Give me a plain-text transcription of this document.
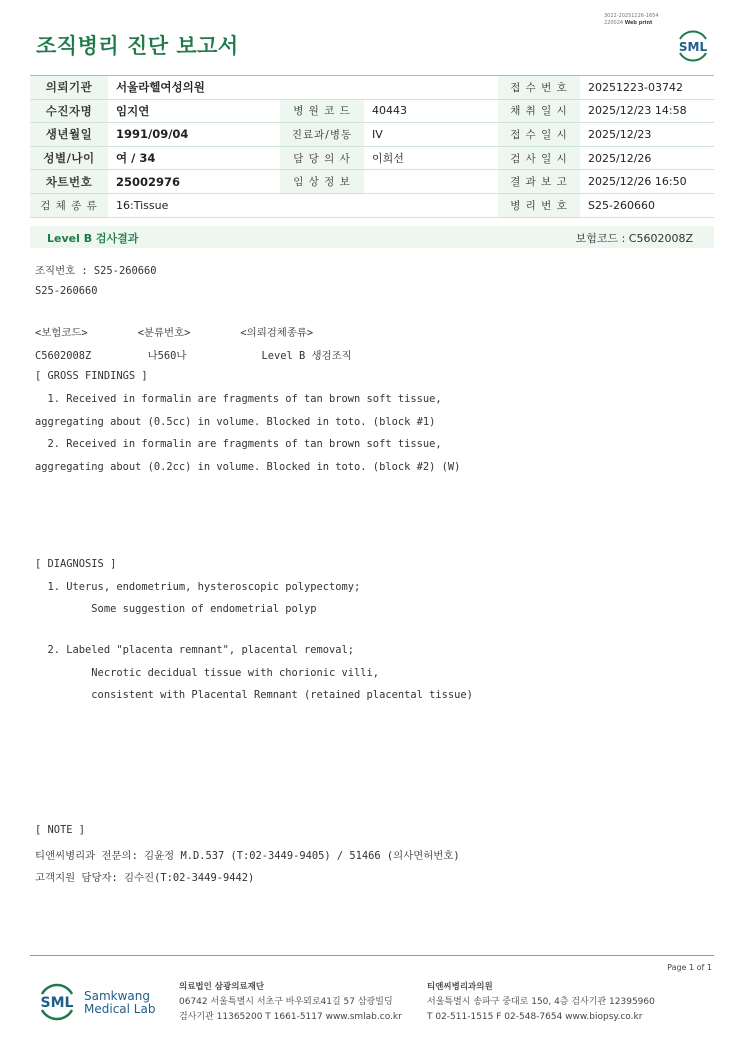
조직병리 진단 보고서
3022-20251226-1654
220024 Web print
SML
의뢰기관	서울라헬여성의원			접 수 번 호	20251223-03742
수진자명	임지연	병 원 코 드	40443	채 취 일 시	2025/12/23 14:58
생년월일	1991/09/04	진료과/병동	IV	접 수 일 시	2025/12/23
성별/나이	여 / 34	담 당 의 사	이희선	검 사 일 시	2025/12/26
차트번호	25002976	임 상 정 보		결 과 보 고	2025/12/26 16:50
검 체 종 류	16:Tissue			병 리 번 호	S25-260660
Level B 검사결과	보험코드 : C5602008Z

조직번호 : S25-260660

S25-260660

<보험코드>        <분류번호>        <의뢰검체종류>

C5602008Z         나560나            Level B 생검조직

[ GROSS FINDINGS ]

1. Received in formalin are fragments of tan brown soft tissue,

aggregating about (0.5cc) in volume. Blocked in toto. (block #1)

2. Received in formalin are fragments of tan brown soft tissue,

aggregating about (0.2cc) in volume. Blocked in toto. (block #2) (W)

[ DIAGNOSIS ]

1. Uterus, endometrium, hysteroscopic polypectomy;

Some suggestion of endometrial polyp

2. Labeled "placenta remnant", placental removal;

Necrotic decidual tissue with chorionic villi,

consistent with Placental Remnant (retained placental tissue)

[ NOTE ]

티앤씨병리과 전문의: 김윤정 M.D.537 (T:02-3449-9405) / 51466 (의사면허번호)

고객지원 담당자: 김수진(T:02-3449-9442)

Page 1 of 1
SML Samkwang
Medical Lab
의료법인 삼광의료재단
06742 서울특별시 서초구 바우뫼로41길 57 삼광빌딩
검사기관 11365200 T 1661-5117 www.smlab.co.kr
티앤씨병리과의원
서울특별시 송파구 중대로 150, 4층 검사기관 12395960
T 02-511-1515 F 02-548-7654 www.biopsy.co.kr
